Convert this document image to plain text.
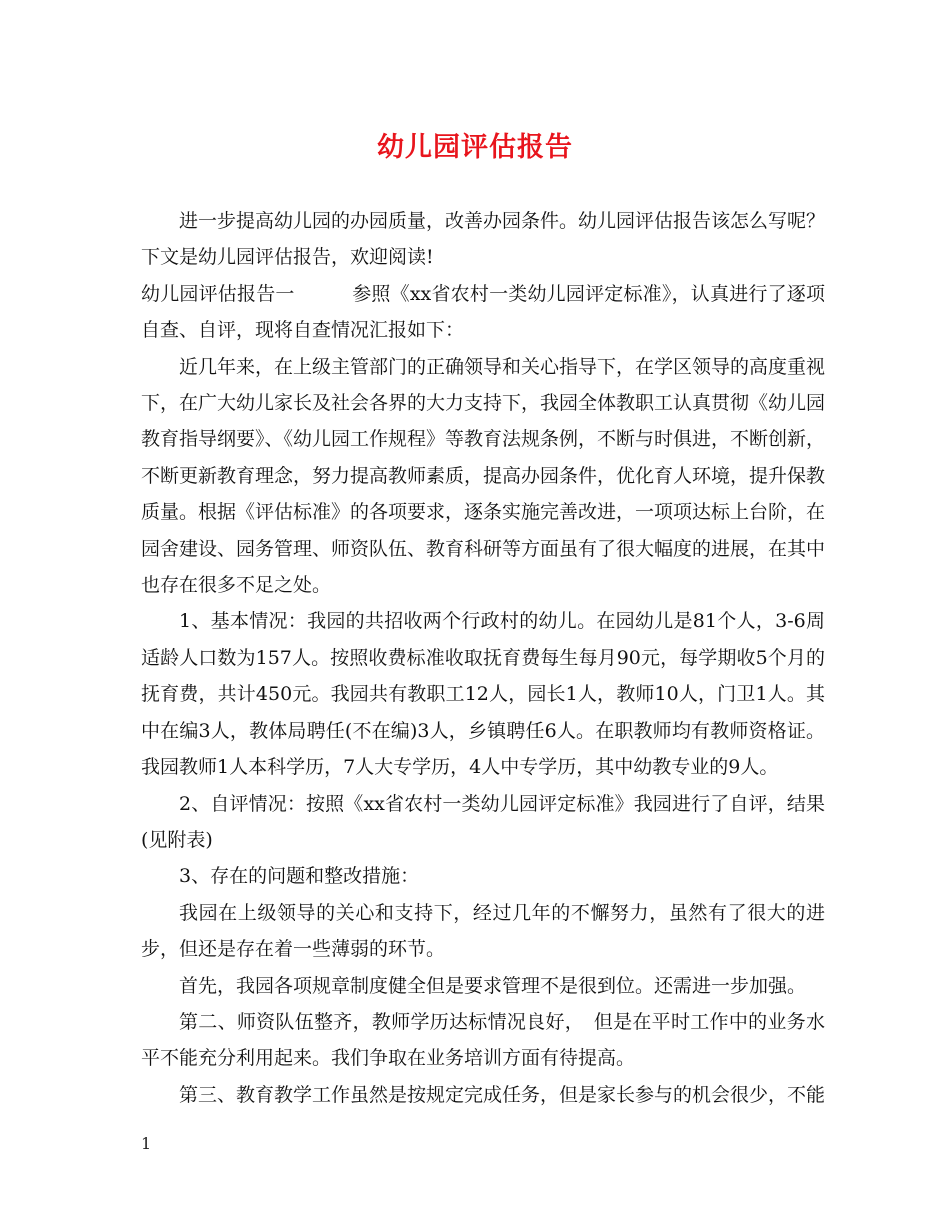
幼儿园评估报告

进一步提高幼儿园的办园质量，改善办园条件。幼儿园评估报告该怎么写呢？下文是幼儿园评估报告，欢迎阅读!

幼儿园评估报告一　　　参照《xx省农村一类幼儿园评定标准》，认真进行了逐项自查、自评，现将自查情况汇报如下：

近几年来，在上级主管部门的正确领导和关心指导下，在学区领导的高度重视下，在广大幼儿家长及社会各界的大力支持下，我园全体教职工认真贯彻《幼儿园教育指导纲要》、《幼儿园工作规程》等教育法规条例，不断与时俱进，不断创新，不断更新教育理念，努力提高教师素质，提高办园条件，优化育人环境，提升保教质量。根据《评估标准》的各项要求，逐条实施完善改进，一项项达标上台阶，在园舍建设、园务管理、师资队伍、教育科研等方面虽有了很大幅度的进展，在其中也存在很多不足之处。

1、基本情况：我园的共招收两个行政村的幼儿。在园幼儿是81个人，3-6周适龄人口数为157人。按照收费标准收取抚育费每生每月90元，每学期收5个月的抚育费，共计450元。我园共有教职工12人，园长1人，教师10人，门卫1人。其中在编3人，教体局聘任(不在编)3人，乡镇聘任6人。在职教师均有教师资格证。我园教师1人本科学历，7人大专学历，4人中专学历，其中幼教专业的9人。

2、自评情况：按照《xx省农村一类幼儿园评定标准》我园进行了自评，结果(见附表)

3、存在的问题和整改措施：

我园在上级领导的关心和支持下，经过几年的不懈努力，虽然有了很大的进步，但还是存在着一些薄弱的环节。

首先，我园各项规章制度健全但是要求管理不是很到位。还需进一步加强。

第二、师资队伍整齐，教师学历达标情况良好，　但是在平时工作中的业务水平不能充分利用起来。我们争取在业务培训方面有待提高。

第三、教育教学工作虽然是按规定完成任务，但是家长参与的机会很少，不能

1
